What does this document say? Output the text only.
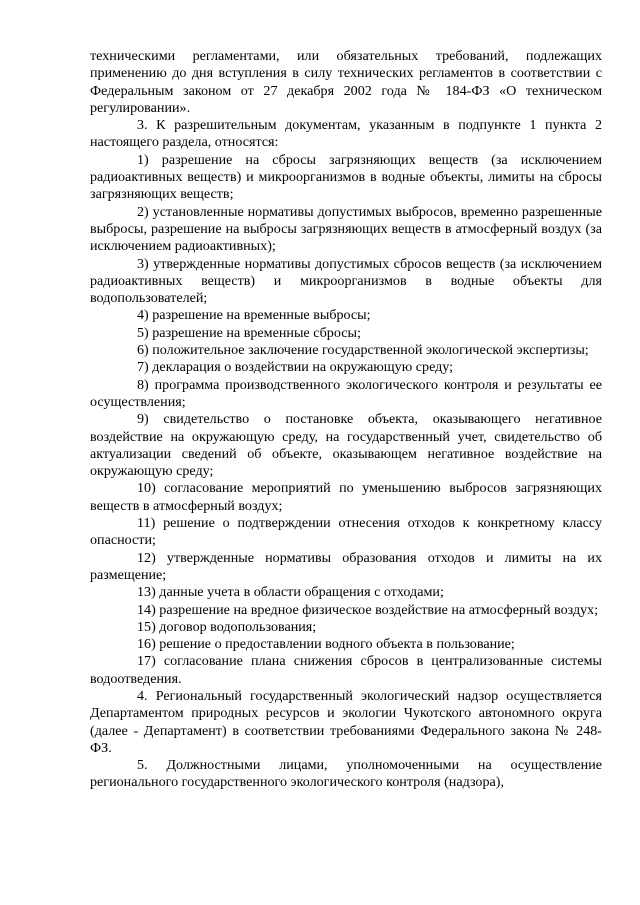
техническими регламентами, или обязательных требований, подлежащих применению до дня вступления в силу технических регламентов в соответствии с Федеральным законом от 27 декабря 2002 года № 184-ФЗ «О техническом регулировании».

3. К разрешительным документам, указанным в подпункте 1 пункта 2 настоящего раздела, относятся:

1) разрешение на сбросы загрязняющих веществ (за исключением радиоактивных веществ) и микроорганизмов в водные объекты, лимиты на сбросы загрязняющих веществ;

2) установленные нормативы допустимых выбросов, временно разрешенные выбросы, разрешение на выбросы загрязняющих веществ в атмосферный воздух (за исключением радиоактивных);

3) утвержденные нормативы допустимых сбросов веществ (за исключением радиоактивных веществ) и микроорганизмов в водные объекты для водопользователей;

4) разрешение на временные выбросы;

5) разрешение на временные сбросы;

6) положительное заключение государственной экологической экспертизы;

7) декларация о воздействии на окружающую среду;

8) программа производственного экологического контроля и результаты ее осуществления;

9) свидетельство о постановке объекта, оказывающего негативное воздействие на окружающую среду, на государственный учет, свидетельство об актуализации сведений об объекте, оказывающем негативное воздействие на окружающую среду;

10) согласование мероприятий по уменьшению выбросов загрязняющих веществ в атмосферный воздух;

11) решение о подтверждении отнесения отходов к конкретному классу опасности;

12) утвержденные нормативы образования отходов и лимиты на их размещение;

13) данные учета в области обращения с отходами;

14) разрешение на вредное физическое воздействие на атмосферный воздух;

15) договор водопользования;

16) решение о предоставлении водного объекта в пользование;

17) согласование плана снижения сбросов в централизованные системы водоотведения.

4. Региональный государственный экологический надзор осуществляется Департаментом природных ресурсов и экологии Чукотского автономного округа (далее - Департамент) в соответствии требованиями Федерального закона № 248-ФЗ.

5. Должностными лицами, уполномоченными на осуществление регионального государственного экологического контроля (надзора),
